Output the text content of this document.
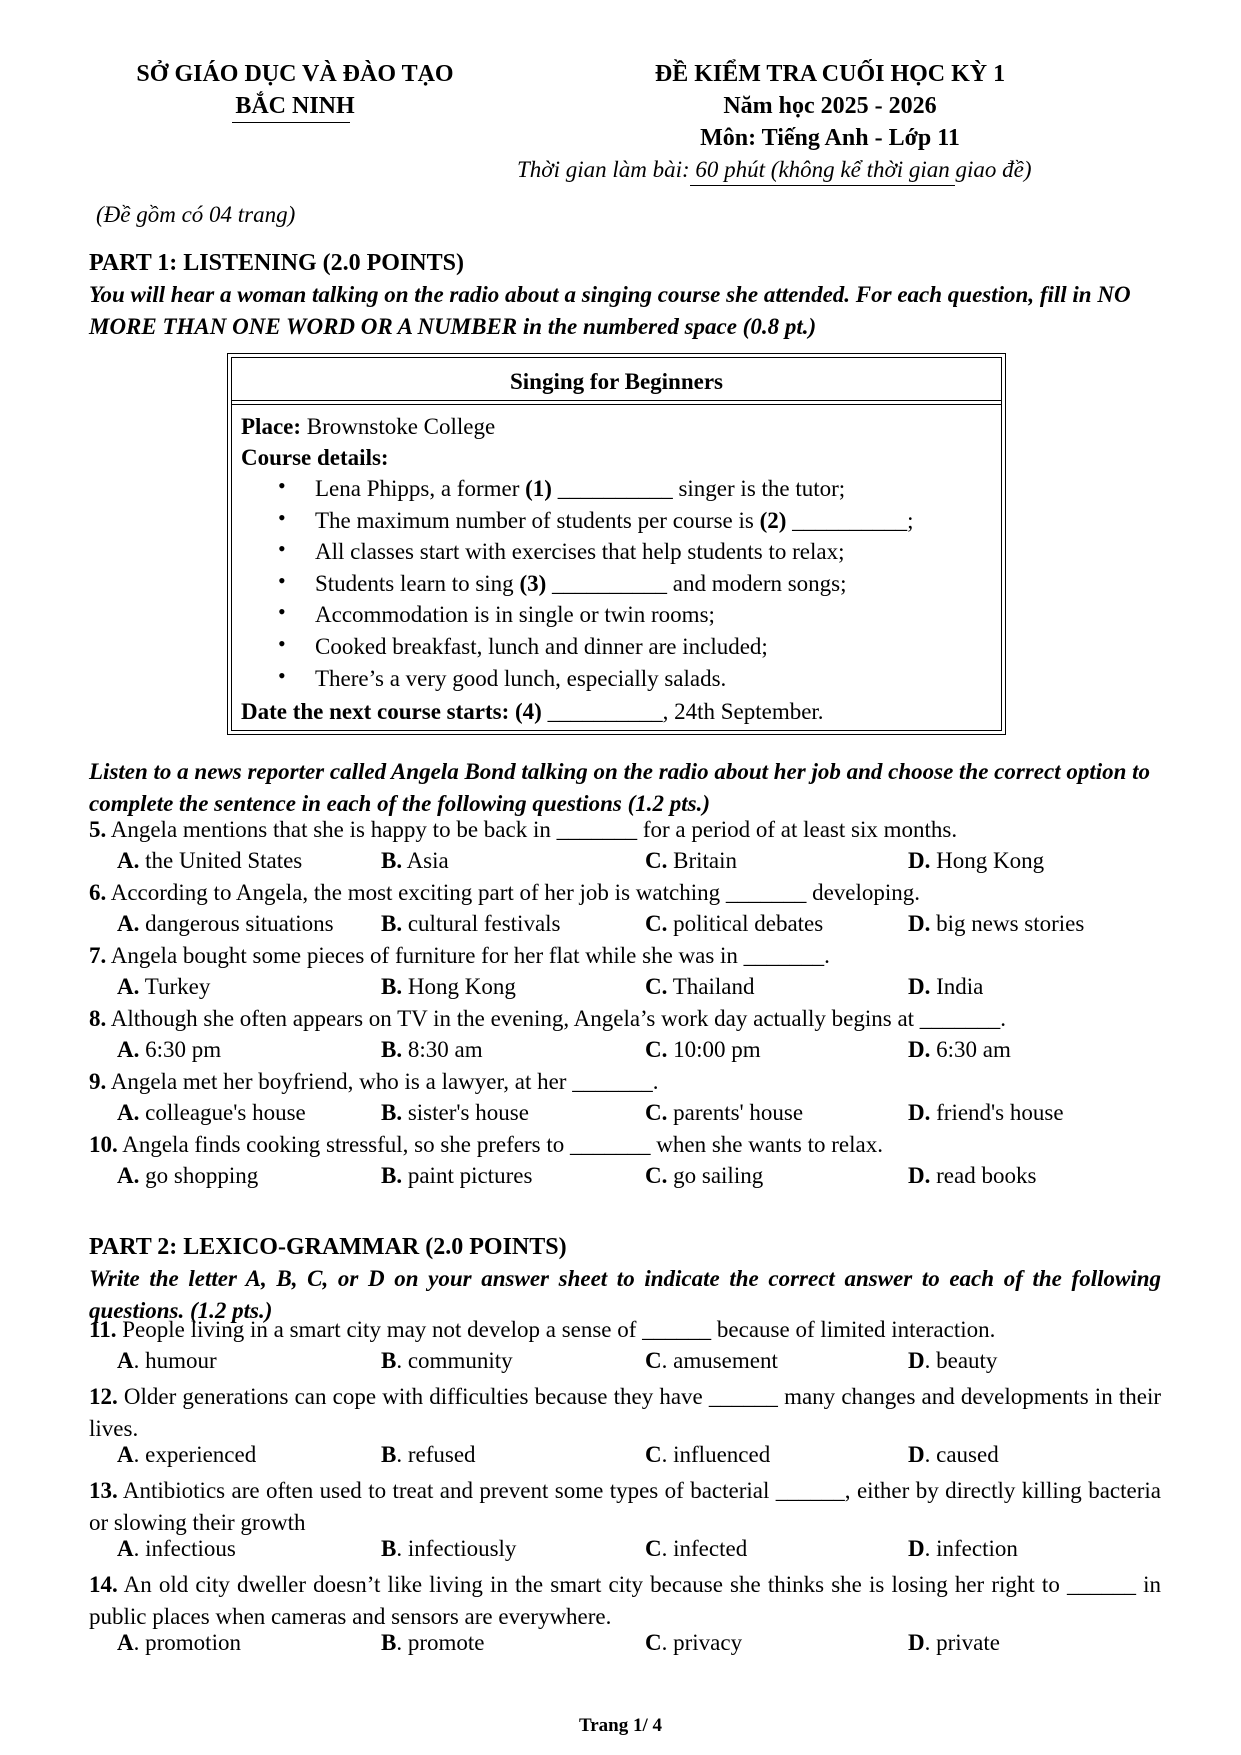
SỞ GIÁO DỤC VÀ ĐÀO TẠO
BẮC NINH
ĐỀ KIỂM TRA CUỐI HỌC KỲ 1
Năm học 2025 - 2026
Môn: Tiếng Anh - Lớp 11
Thời gian làm bài: 60 phút (không kể thời gian giao đề)
(Đề gồm có 04 trang)
PART 1: LISTENING (2.0 POINTS)
You will hear a woman talking on the radio about a singing course she attended. For each question, fill in NO MORE THAN ONE WORD OR A NUMBER in the numbered space (0.8 pt.)
Singing for Beginners
Place: Brownstoke College
Course details:
•
Lena Phipps, a former (1) __________ singer is the tutor;
•
The maximum number of students per course is (2) __________;
•
All classes start with exercises that help students to relax;
•
Students learn to sing (3) __________ and modern songs;
•
Accommodation is in single or twin rooms;
•
Cooked breakfast, lunch and dinner are included;
•
There’s a very good lunch, especially salads.
Date the next course starts: (4) __________, 24th September.
Listen to a news reporter called Angela Bond talking on the radio about her job and choose the correct option to complete the sentence in each of the following questions (1.2 pts.)
5. Angela mentions that she is happy to be back in _______ for a period of at least six months.
A. the United States	B. Asia	C. Britain	D. Hong Kong
6. According to Angela, the most exciting part of her job is watching _______ developing.
A. dangerous situations B. cultural festivals	C. political debates	D. big news stories
7. Angela bought some pieces of furniture for her flat while she was in _______.
A. Turkey	B. Hong Kong	C. Thailand	D. India
8. Although she often appears on TV in the evening, Angela’s work day actually begins at _______.
A. 6:30 pm	B. 8:30 am	C. 10:00 pm	D. 6:30 am
9. Angela met her boyfriend, who is a lawyer, at her _______.
A. colleague's house	B. sister's house	C. parents' house	D. friend's house
10. Angela finds cooking stressful, so she prefers to _______ when she wants to relax.
A. go shopping	B. paint pictures	C. go sailing	D. read books
PART 2: LEXICO-GRAMMAR (2.0 POINTS)
Write the letter A, B, C, or D on your answer sheet to indicate the correct answer to each of the following questions. (1.2 pts.)
11. People living in a smart city may not develop a sense of ______ because of limited interaction.
A. humour	B. community	C. amusement	D. beauty
12. Older generations can cope with difficulties because they have ______ many changes and developments in their lives.
A. experienced	B. refused	C. influenced	D. caused
13. Antibiotics are often used to treat and prevent some types of bacterial ______, either by directly killing bacteria or slowing their growth
A. infectious	B. infectiously	C. infected	D. infection
14. An old city dweller doesn’t like living in the smart city because she thinks she is losing her right to ______ in public places when cameras and sensors are everywhere.
A. promotion	B. promote	C. privacy	D. private
Trang 1/ 4
